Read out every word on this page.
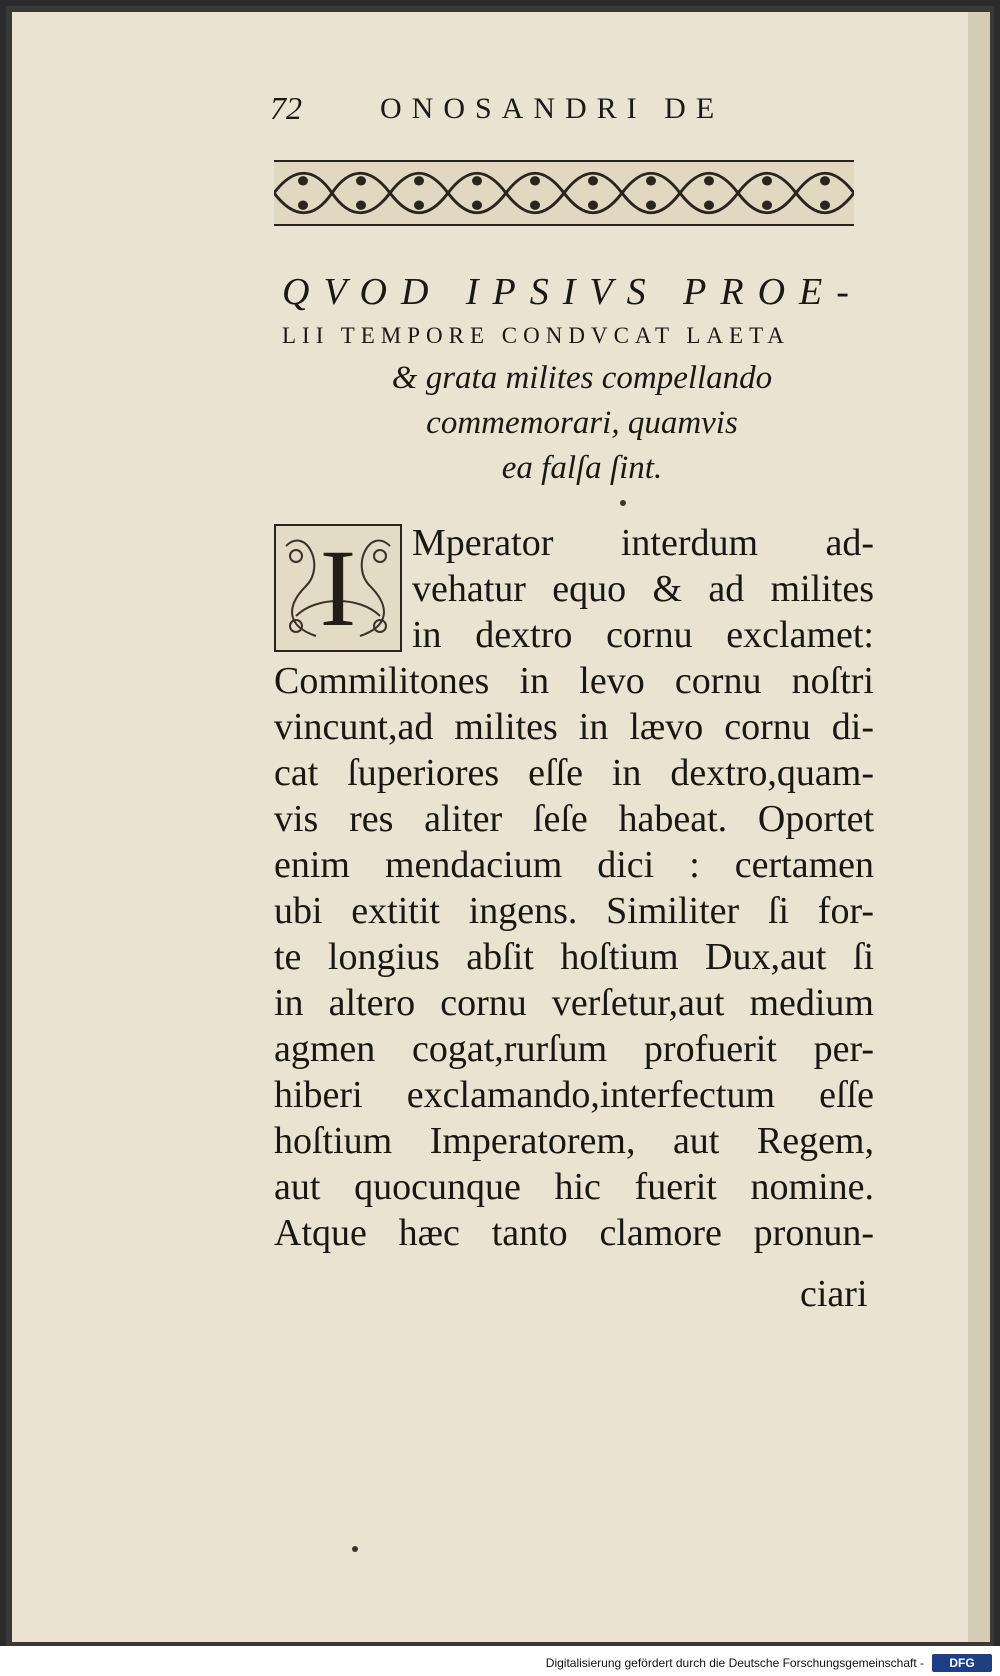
72	ONOSANDRI DE
QVOD IPSIVS PROE-
LII TEMPORE CONDVCAT LAETA
& grata milites compellando
commemorari, quamvis
ea falſa ſint.
I	Mperator interdum ad-
vehatur equo & ad milites
in dextro cornu exclamet:
Commilitones in levo cornu noſtri
vincunt,ad milites in lævo cornu di-
cat ſuperiores eſſe in dextro,quam-
vis res aliter ſeſe habeat. Oportet
enim mendacium dici : certamen
ubi extitit ingens. Similiter ſi for-
te longius abſit hoſtium Dux,aut ſi
in altero cornu verſetur,aut medium
agmen cogat,rurſum profuerit per-
hiberi exclamando,interfectum eſſe
hoſtium Imperatorem, aut Regem,
aut quocunque hic fuerit nomine.
Atque hæc tanto clamore pronun-
ciari
Digitalisierung gefördert durch die Deutsche Forschungsgemeinschaft -	DFG
